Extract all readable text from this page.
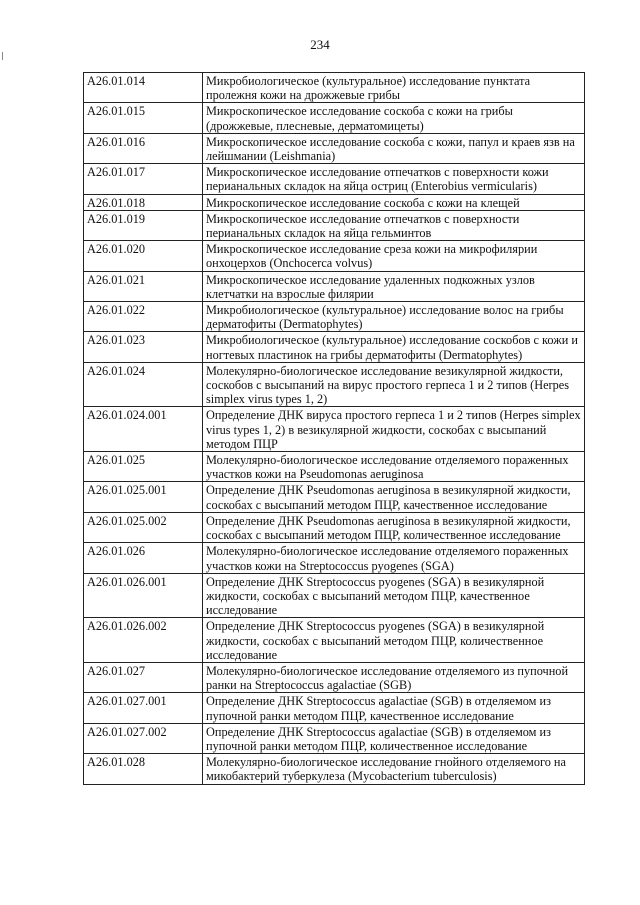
234
A26.01.014	Микробиологическое (культуральное) исследование пунктата пролежня кожи на дрожжевые грибы
A26.01.015	Микроскопическое исследование соскоба с кожи на грибы (дрожжевые, плесневые, дерматомицеты)
A26.01.016	Микроскопическое исследование соскоба с кожи, папул и краев язв на лейшмании (Leishmania)
A26.01.017	Микроскопическое исследование отпечатков с поверхности кожи перианальных складок на яйца остриц (Enterobius vermicularis)
A26.01.018	Микроскопическое исследование соскоба с кожи на клещей
A26.01.019	Микроскопическое исследование отпечатков с поверхности перианальных складок на яйца гельминтов
A26.01.020	Микроскопическое исследование среза кожи на микрофилярии онхоцерхов (Onchocerca volvus)
A26.01.021	Микроскопическое исследование удаленных подкожных узлов клетчатки на взрослые филярии
A26.01.022	Микробиологическое (культуральное) исследование волос на грибы дерматофиты (Dermatophytes)
A26.01.023	Микробиологическое (культуральное) исследование соскобов с кожи и ногтевых пластинок на грибы дерматофиты (Dermatophytes)
A26.01.024	Молекулярно-биологическое исследование везикулярной жидкости, соскобов с высыпаний на вирус простого герпеса 1 и 2 типов (Herpes simplex virus types 1, 2)
A26.01.024.001	Определение ДНК вируса простого герпеса 1 и 2 типов (Herpes simplex virus types 1, 2) в везикулярной жидкости, соскобах с высыпаний методом ПЦР
A26.01.025	Молекулярно-биологическое исследование отделяемого пораженных участков кожи на Pseudomonas aeruginosa
A26.01.025.001	Определение ДНК Pseudomonas aeruginosa в везикулярной жидкости, соскобах с высыпаний методом ПЦР, качественное исследование
A26.01.025.002	Определение ДНК Pseudomonas aeruginosa в везикулярной жидкости, соскобах с высыпаний методом ПЦР, количественное исследование
A26.01.026	Молекулярно-биологическое исследование отделяемого пораженных участков кожи на Streptococcus pyogenes (SGA)
A26.01.026.001	Определение ДНК Streptococcus pyogenes (SGA) в везикулярной жидкости, соскобах с высыпаний методом ПЦР, качественное исследование
A26.01.026.002	Определение ДНК Streptococcus pyogenes (SGA) в везикулярной жидкости, соскобах с высыпаний методом ПЦР, количественное исследование
A26.01.027	Молекулярно-биологическое исследование отделяемого из пупочной ранки на Streptococcus agalactiae (SGB)
A26.01.027.001	Определение ДНК Streptococcus agalactiae (SGB) в отделяемом из пупочной ранки методом ПЦР, качественное исследование
A26.01.027.002	Определение ДНК Streptococcus agalactiae (SGB) в отделяемом из пупочной ранки методом ПЦР, количественное исследование
A26.01.028	Молекулярно-биологическое исследование гнойного отделяемого на микобактерий туберкулеза (Mycobacterium tuberculosis)
